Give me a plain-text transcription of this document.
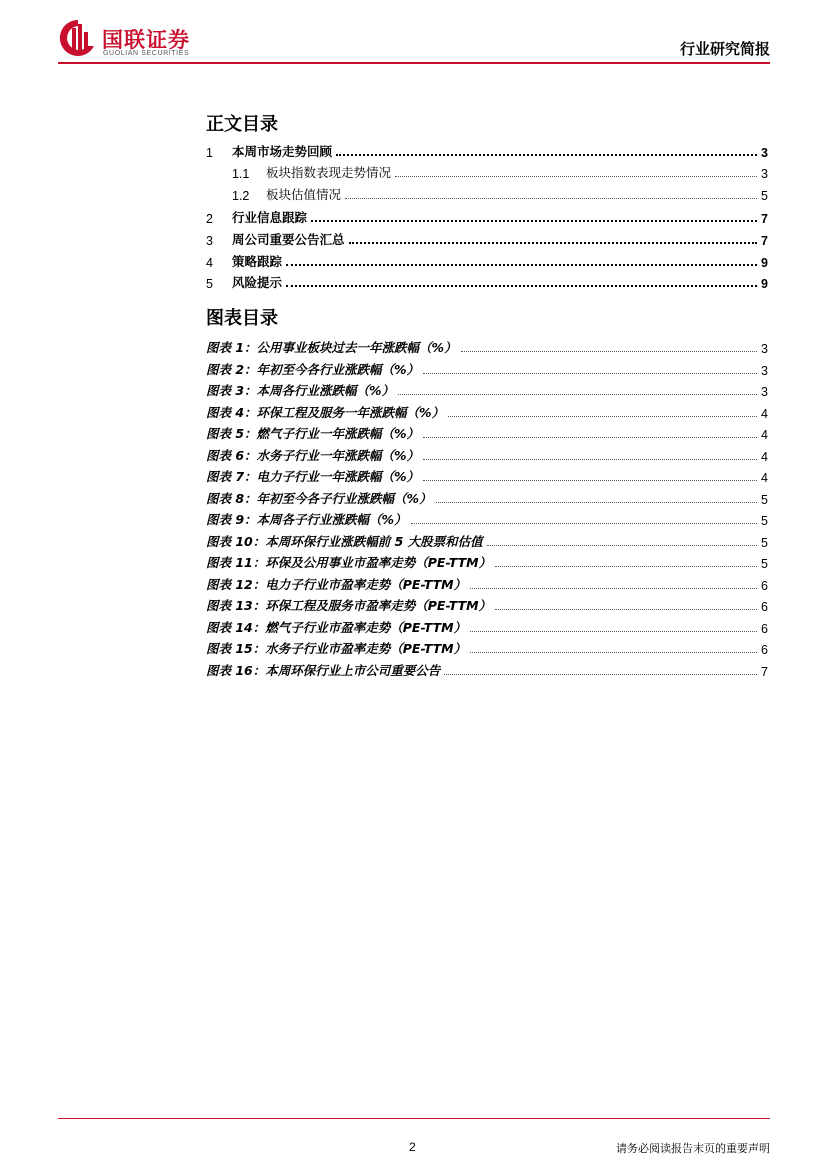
国联证券
GUOLIAN SECURITIES	行业研究简报
正文目录
1	本周市场走势回顾	3
1.1	板块指数表现走势情况	3
1.2	板块估值情况	5
2	行业信息跟踪	7
3	周公司重要公告汇总	7
4	策略跟踪	9
5	风险提示	9
图表目录
图表 1：公用事业板块过去一年涨跌幅（%）	3
图表 2：年初至今各行业涨跌幅（%）	3
图表 3：本周各行业涨跌幅（%）	3
图表 4：环保工程及服务一年涨跌幅（%）	4
图表 5：燃气子行业一年涨跌幅（%）	4
图表 6：水务子行业一年涨跌幅（%）	4
图表 7：电力子行业一年涨跌幅（%）	4
图表 8：年初至今各子行业涨跌幅（%）	5
图表 9：本周各子行业涨跌幅（%）	5
图表 10：本周环保行业涨跌幅前 5 大股票和估值	5
图表 11：环保及公用事业市盈率走势（PE-TTM）	5
图表 12：电力子行业市盈率走势（PE-TTM）	6
图表 13：环保工程及服务市盈率走势（PE-TTM）	6
图表 14：燃气子行业市盈率走势（PE-TTM）	6
图表 15：水务子行业市盈率走势（PE-TTM）	6
图表 16：本周环保行业上市公司重要公告	7
2	请务必阅读报告末页的重要声明
